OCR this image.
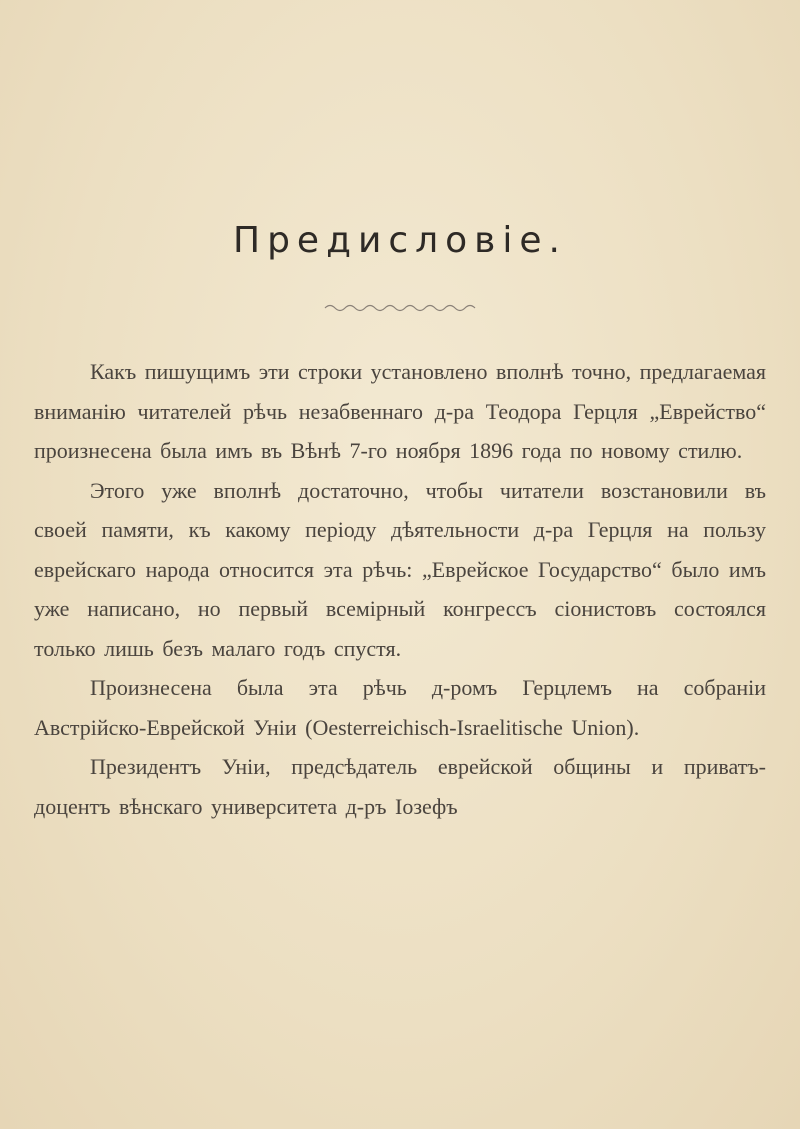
Предисловiе.

Какъ пишущимъ эти строки установлено вполнѣ точно, предлагаемая вниманiю читателей рѣчь незабвеннаго д-ра Теодора Герцля „Еврейство“ произнесена была имъ въ Вѣнѣ 7-го ноября 1896 года по новому стилю.

Этого уже вполнѣ достаточно, чтобы читатели возстановили въ своей памяти, къ какому перiоду дѣятельности д-ра Герцля на пользу еврейскаго народа относится эта рѣчь: „Еврейское Государство“ было имъ уже написано, но первый всемiрный конгрессъ сiонистовъ состоялся только лишь безъ малаго годъ спустя.

Произнесена была эта рѣчь д-ромъ Герцлемъ на собранiи Австрiйско-Еврейской Унiи (Oesterreichisch-Israelitische Union).

Президентъ Унiи, предсѣдатель еврейской общины и приватъ-доцентъ вѣнскаго университета д-ръ Iозефъ
